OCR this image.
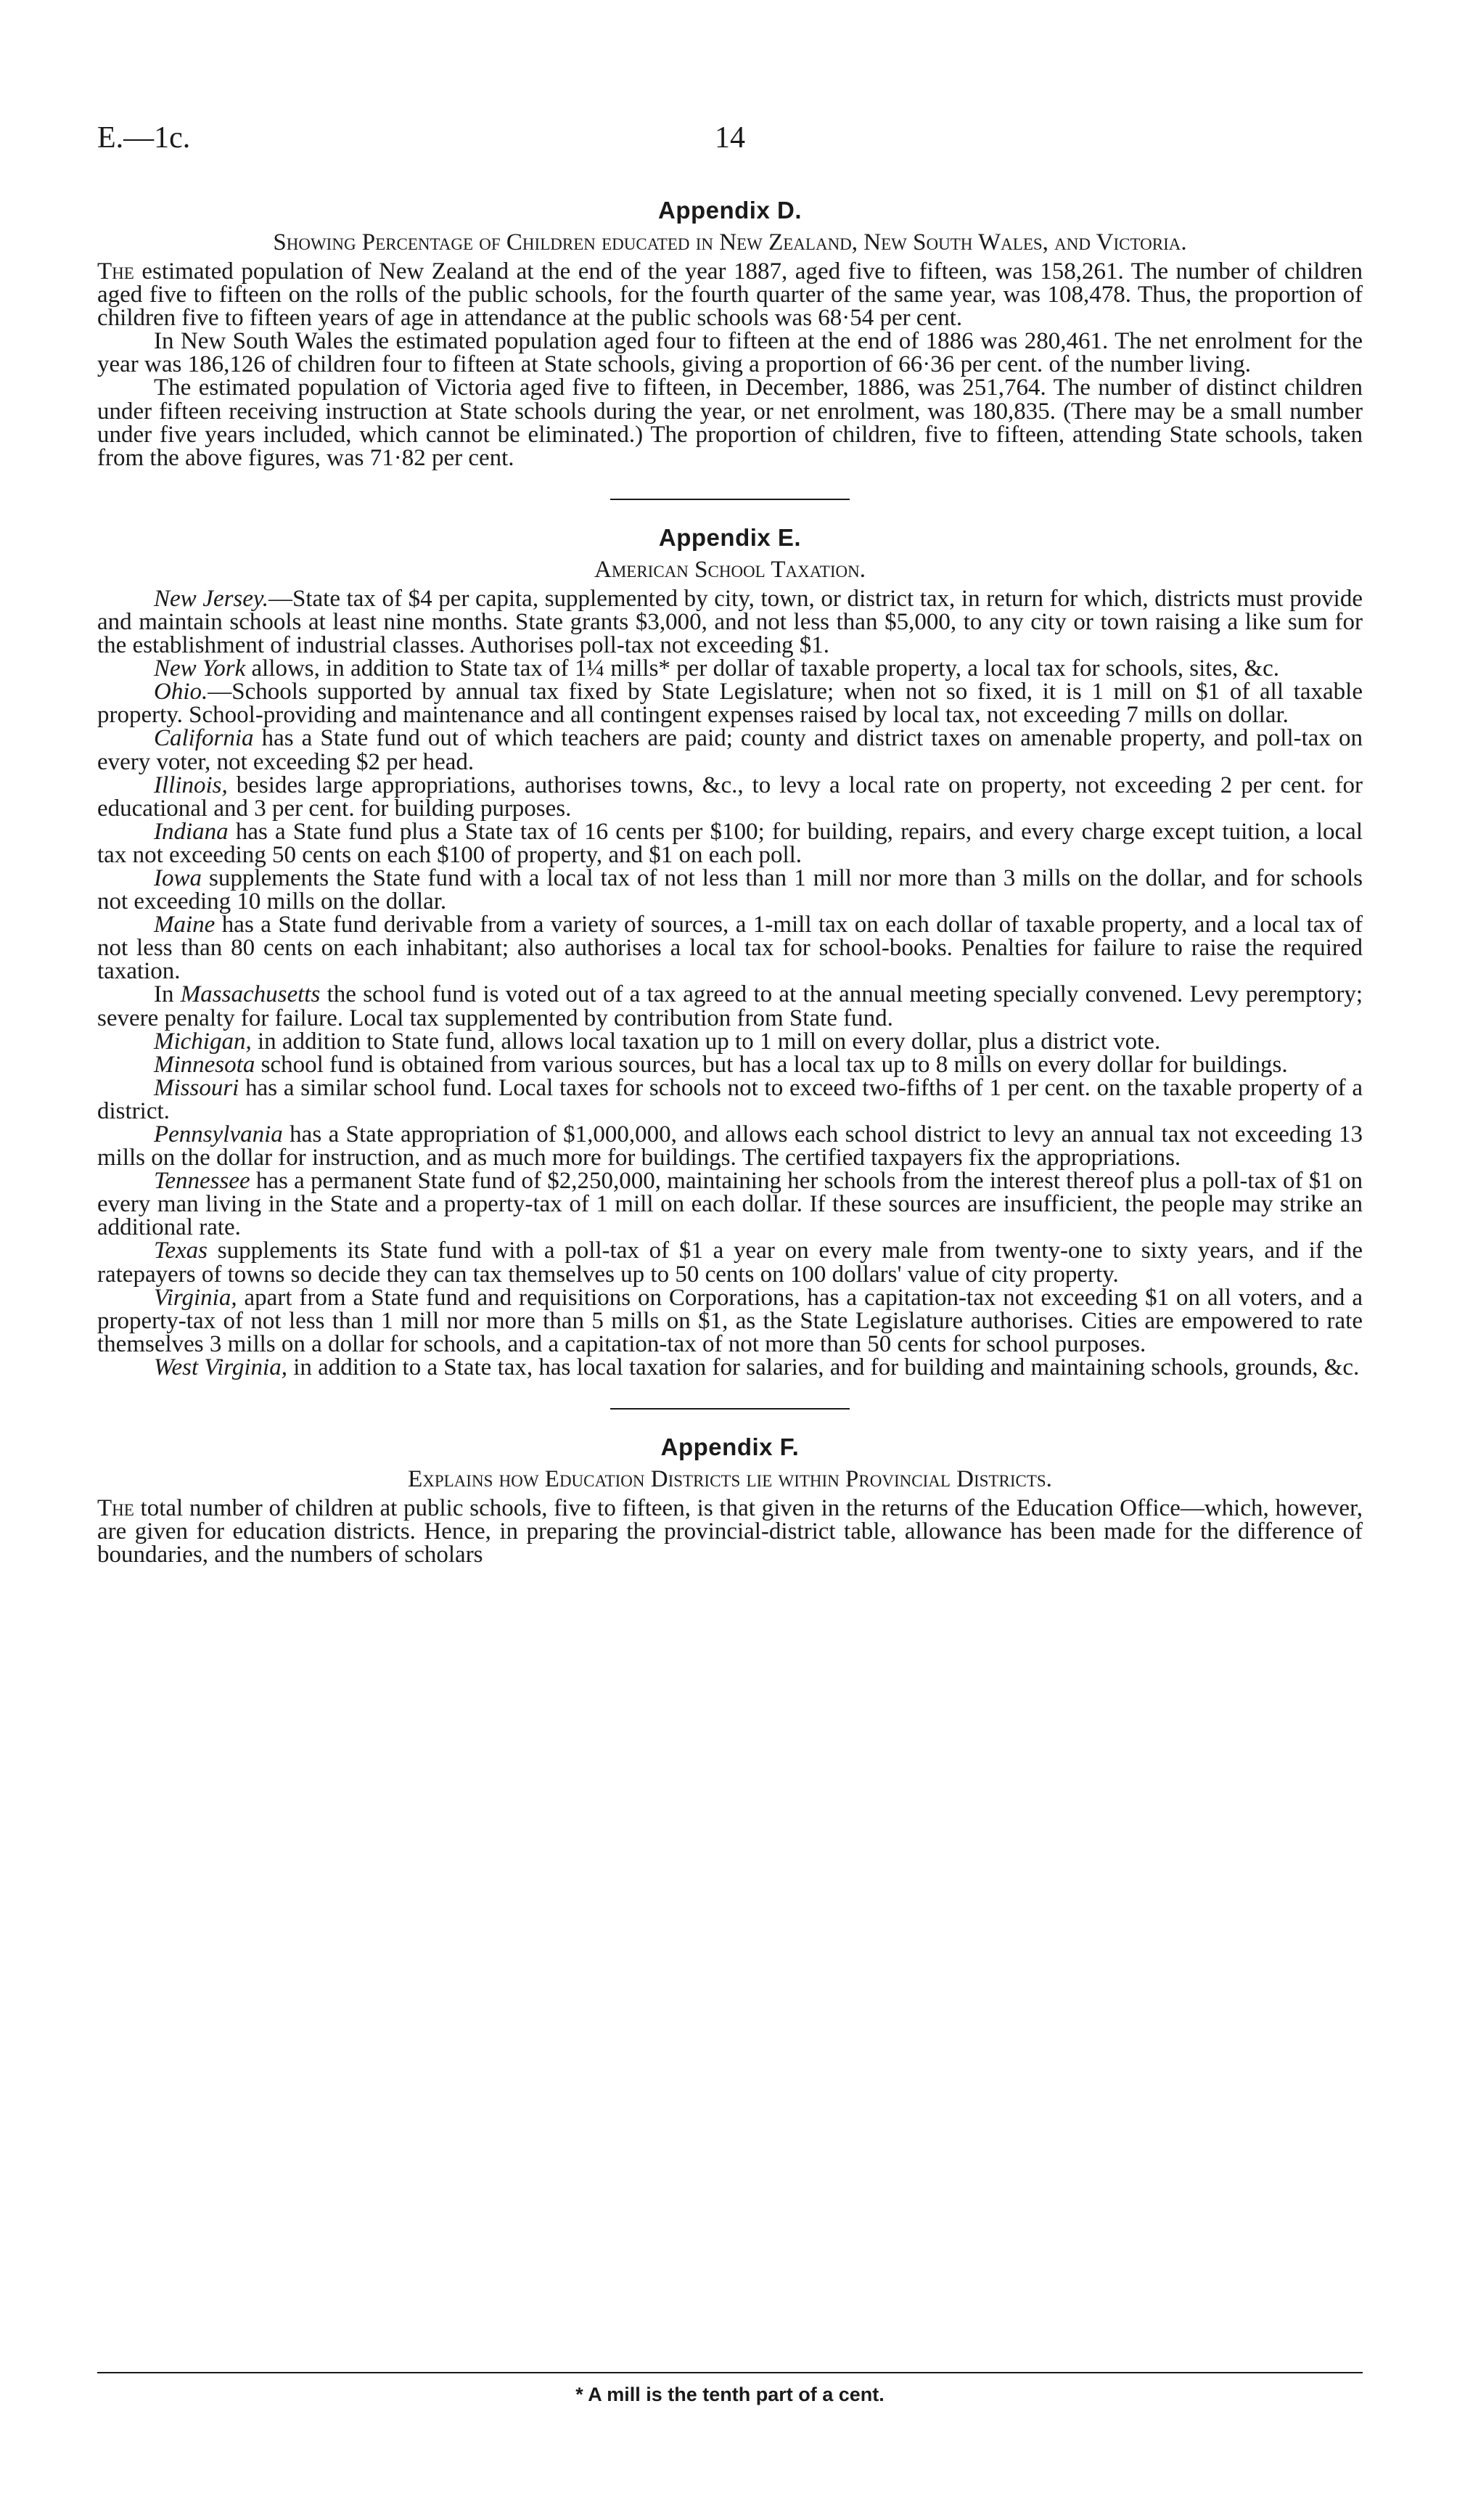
E.—1c.	14
Appendix D.
Showing Percentage of Children educated in New Zealand, New South Wales, and Victoria.

The estimated population of New Zealand at the end of the year 1887, aged five to fifteen, was 158,261. The number of children aged five to fifteen on the rolls of the public schools, for the fourth quarter of the same year, was 108,478. Thus, the proportion of children five to fifteen years of age in attendance at the public schools was 68·54 per cent.

In New South Wales the estimated population aged four to fifteen at the end of 1886 was 280,461. The net enrolment for the year was 186,126 of children four to fifteen at State schools, giving a proportion of 66·36 per cent. of the number living.

The estimated population of Victoria aged five to fifteen, in December, 1886, was 251,764. The number of distinct children under fifteen receiving instruction at State schools during the year, or net enrolment, was 180,835. (There may be a small number under five years included, which cannot be eliminated.) The proportion of children, five to fifteen, attending State schools, taken from the above figures, was 71·82 per cent.

Appendix E.
American School Taxation.

New Jersey.—State tax of $4 per capita, supplemented by city, town, or district tax, in return for which, districts must provide and maintain schools at least nine months. State grants $3,000, and not less than $5,000, to any city or town raising a like sum for the establishment of industrial classes. Authorises poll-tax not exceeding $1.

New York allows, in addition to State tax of 1¼ mills* per dollar of taxable property, a local tax for schools, sites, &c.

Ohio.—Schools supported by annual tax fixed by State Legislature; when not so fixed, it is 1 mill on $1 of all taxable property. School-providing and maintenance and all contingent expenses raised by local tax, not exceeding 7 mills on dollar.

California has a State fund out of which teachers are paid; county and district taxes on amenable property, and poll-tax on every voter, not exceeding $2 per head.

Illinois, besides large appropriations, authorises towns, &c., to levy a local rate on property, not exceeding 2 per cent. for educational and 3 per cent. for building purposes.

Indiana has a State fund plus a State tax of 16 cents per $100; for building, repairs, and every charge except tuition, a local tax not exceeding 50 cents on each $100 of property, and $1 on each poll.

Iowa supplements the State fund with a local tax of not less than 1 mill nor more than 3 mills on the dollar, and for schools not exceeding 10 mills on the dollar.

Maine has a State fund derivable from a variety of sources, a 1-mill tax on each dollar of taxable property, and a local tax of not less than 80 cents on each inhabitant; also authorises a local tax for school-books. Penalties for failure to raise the required taxation.

In Massachusetts the school fund is voted out of a tax agreed to at the annual meeting specially convened. Levy peremptory; severe penalty for failure. Local tax supplemented by contribution from State fund.

Michigan, in addition to State fund, allows local taxation up to 1 mill on every dollar, plus a district vote.

Minnesota school fund is obtained from various sources, but has a local tax up to 8 mills on every dollar for buildings.

Missouri has a similar school fund. Local taxes for schools not to exceed two-fifths of 1 per cent. on the taxable property of a district.

Pennsylvania has a State appropriation of $1,000,000, and allows each school district to levy an annual tax not exceeding 13 mills on the dollar for instruction, and as much more for buildings. The certified taxpayers fix the appropriations.

Tennessee has a permanent State fund of $2,250,000, maintaining her schools from the interest thereof plus a poll-tax of $1 on every man living in the State and a property-tax of 1 mill on each dollar. If these sources are insufficient, the people may strike an additional rate.

Texas supplements its State fund with a poll-tax of $1 a year on every male from twenty-one to sixty years, and if the ratepayers of towns so decide they can tax themselves up to 50 cents on 100 dollars' value of city property.

Virginia, apart from a State fund and requisitions on Corporations, has a capitation-tax not exceeding $1 on all voters, and a property-tax of not less than 1 mill nor more than 5 mills on $1, as the State Legislature authorises. Cities are empowered to rate themselves 3 mills on a dollar for schools, and a capitation-tax of not more than 50 cents for school purposes.

West Virginia, in addition to a State tax, has local taxation for salaries, and for building and maintaining schools, grounds, &c.

Appendix F.
Explains how Education Districts lie within Provincial Districts.

The total number of children at public schools, five to fifteen, is that given in the returns of the Education Office—which, however, are given for education districts. Hence, in preparing the provincial-district table, allowance has been made for the difference of boundaries, and the numbers of scholars

* A mill is the tenth part of a cent.
